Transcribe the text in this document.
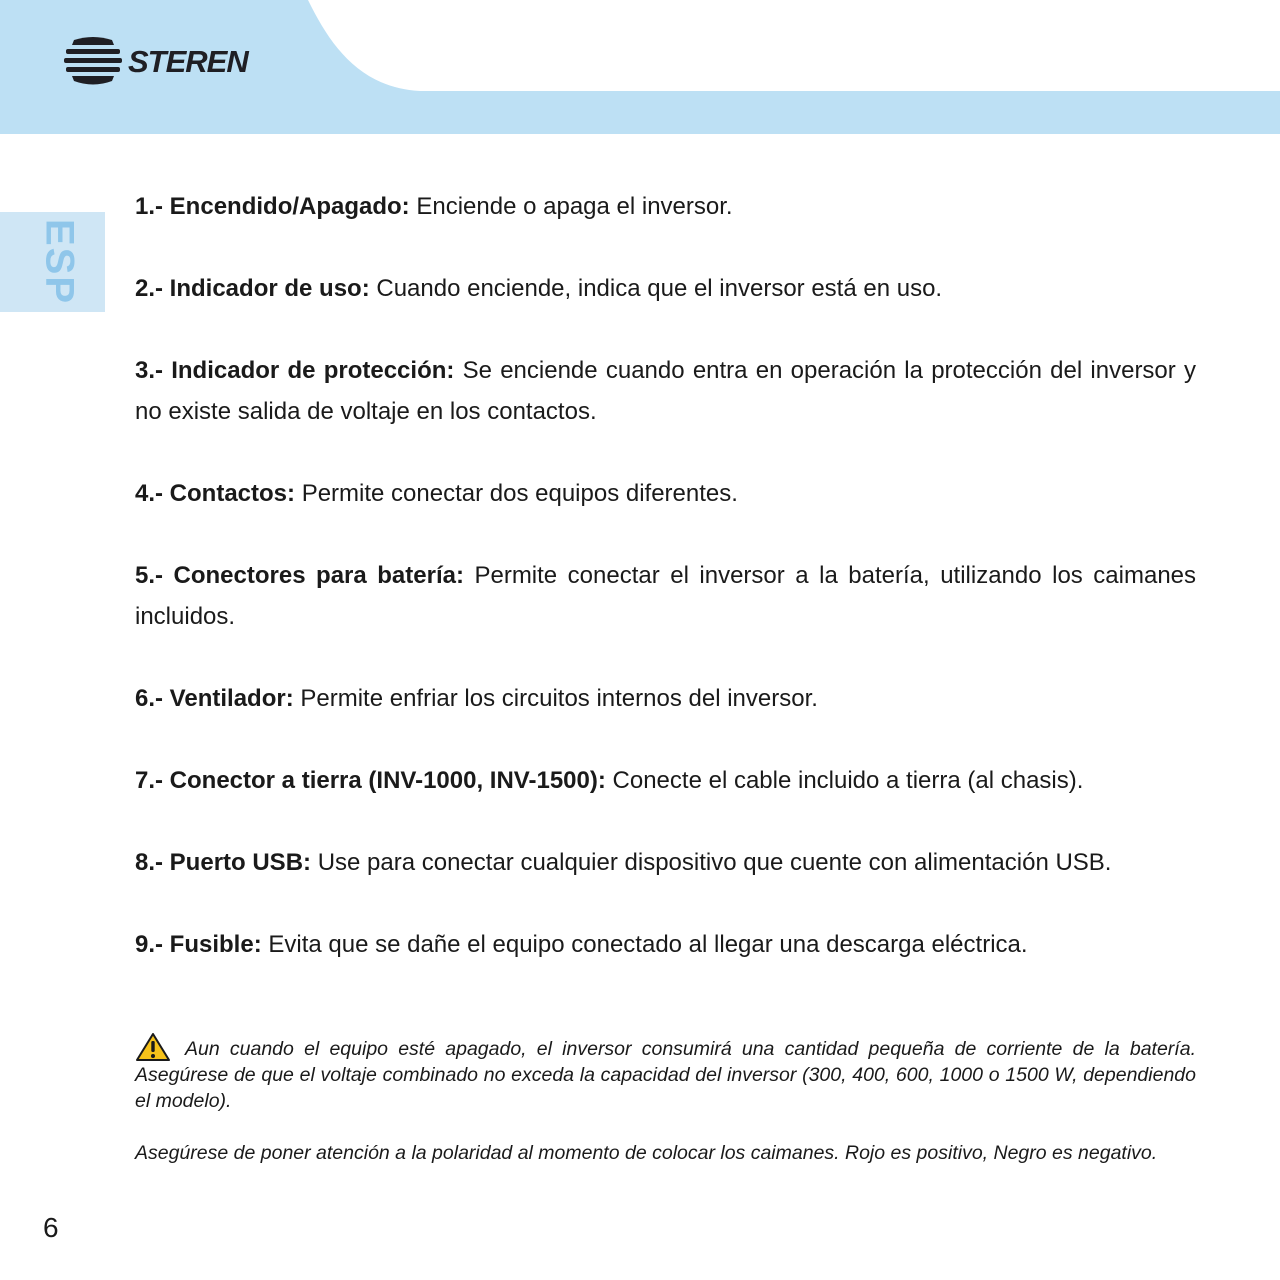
STEREN
ESP

1.- Encendido/Apagado: Enciende o apaga el inversor.

2.- Indicador de uso: Cuando enciende, indica que el inversor está en uso.

3.- Indicador de protección: Se enciende cuando entra en operación la protección del inversor y no existe salida de voltaje en los contactos.

4.- Contactos: Permite conectar dos equipos diferentes.

5.- Conectores para batería: Permite conectar el inversor a la batería, utilizando los caimanes incluidos.

6.- Ventilador: Permite enfriar los circuitos internos del inversor.

7.- Conector a tierra (INV-1000, INV-1500): Conecte el cable incluido a tierra (al chasis).

8.- Puerto USB: Use para conectar cualquier dispositivo que cuente con alimentación USB.

9.- Fusible: Evita que se dañe el equipo conectado al llegar una descarga eléctrica.

Aun cuando el equipo esté apagado, el inversor consumirá una cantidad pequeña de corriente de la batería. Asegúrese de que el voltaje combinado no exceda la capacidad del inversor (300, 400, 600, 1000 o 1500 W, dependiendo el modelo).

Asegúrese de poner atención a la polaridad al momento de colocar los caimanes. Rojo es positivo, Negro es negativo.

6
